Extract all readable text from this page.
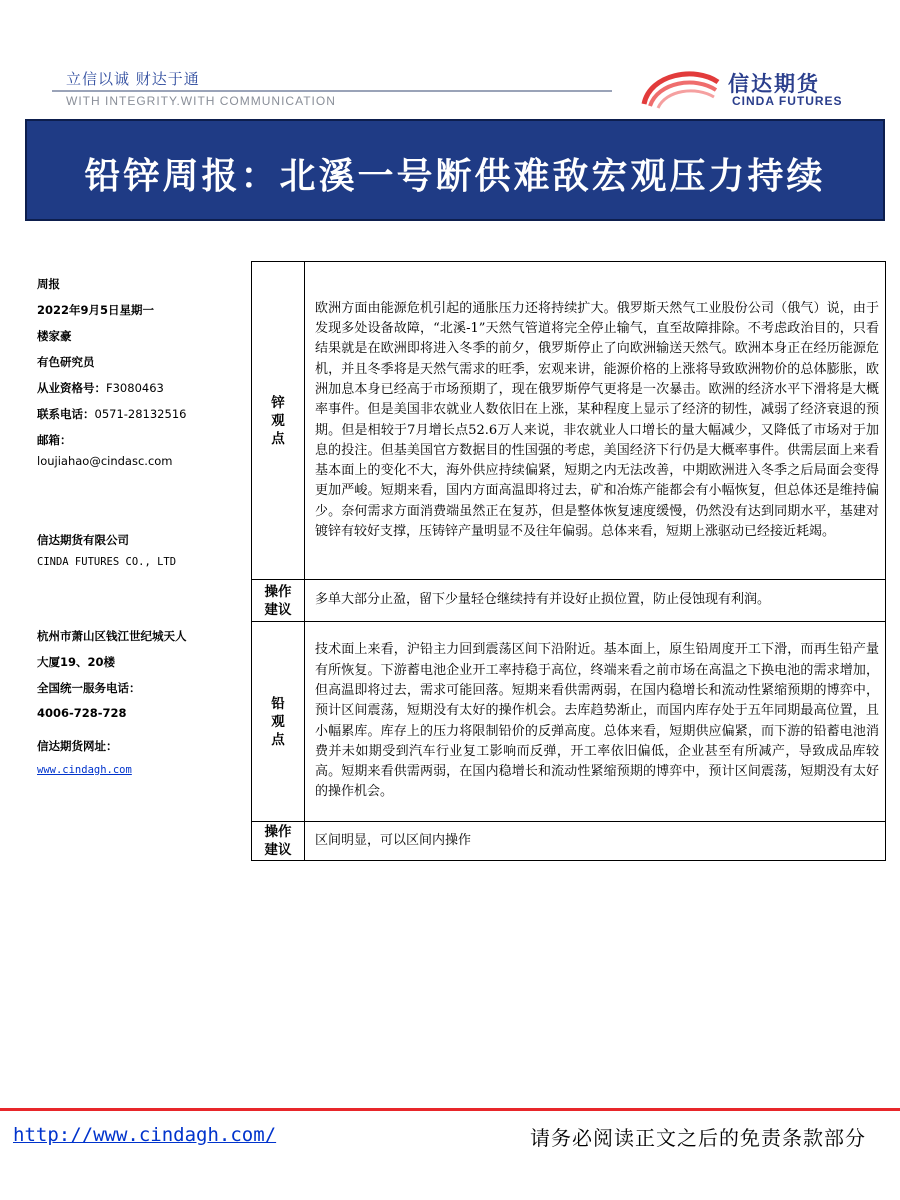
立信以诚 财达于通
WITH INTEGRITY.WITH COMMUNICATION
信达期货
CINDA FUTURES
铅锌周报：北溪一号断供难敌宏观压力持续
周报
2022年9月5日星期一
楼家豪
有色研究员
从业资格号：F3080463
联系电话：0571-28132516
邮箱：
loujiahao@cindasc.com
信达期货有限公司
CINDA FUTURES CO., LTD
杭州市萧山区钱江世纪城天人
大厦19、20楼
全国统一服务电话：
4006-728-728
信达期货网址：
www.cindagh.com
锌观点	欧洲方面由能源危机引起的通胀压力还将持续扩大。俄罗斯天然气工业股份公司（俄气）说，由于发现多处设备故障，“北溪-1”天然气管道将完全停止输气，直至故障排除。不考虑政治目的，只看结果就是在欧洲即将进入冬季的前夕，俄罗斯停止了向欧洲输送天然气。欧洲本身正在经历能源危机，并且冬季将是天然气需求的旺季，宏观来讲，能源价格的上涨将导致欧洲物价的总体膨胀，欧洲加息本身已经高于市场预期了，现在俄罗斯停气更将是一次暴击。欧洲的经济水平下滑将是大概率事件。但是美国非农就业人数依旧在上涨，某种程度上显示了经济的韧性，减弱了经济衰退的预期。但是相较于7月增长点52.6万人来说，非农就业人口增长的量大幅减少，又降低了市场对于加息的投注。但基美国官方数据目的性国强的考虑，美国经济下行仍是大概率事件。供需层面上来看基本面上的变化不大，海外供应持续偏紧，短期之内无法改善，中期欧洲进入冬季之后局面会变得更加严峻。短期来看，国内方面高温即将过去，矿和冶炼产能都会有小幅恢复，但总体还是维持偏少。奈何需求方面消费端虽然正在复苏，但是整体恢复速度缓慢，仍然没有达到同期水平，基建对镀锌有较好支撑，压铸锌产量明显不及往年偏弱。总体来看，短期上涨驱动已经接近耗竭。

操作建议	多单大部分止盈，留下少量轻仓继续持有并设好止损位置，防止侵蚀现有利润。

铅观点	技术面上来看，沪铅主力回到震荡区间下沿附近。基本面上，原生铅周度开工下滑，而再生铅产量有所恢复。下游蓄电池企业开工率持稳于高位，终端来看之前市场在高温之下换电池的需求增加，但高温即将过去，需求可能回落。短期来看供需两弱，在国内稳增长和流动性紧缩预期的博弈中，预计区间震荡，短期没有太好的操作机会。去库趋势渐止，而国内库存处于五年同期最高位置，且小幅累库。库存上的压力将限制铅价的反弹高度。总体来看，短期供应偏紧，而下游的铅蓄电池消费并未如期受到汽车行业复工影响而反弹，开工率依旧偏低，企业甚至有所减产，导致成品库较高。短期来看供需两弱，在国内稳增长和流动性紧缩预期的博弈中，预计区间震荡，短期没有太好的操作机会。

操作建议	区间明显，可以区间内操作
http://www.cindagh.com/	请务必阅读正文之后的免责条款部分
